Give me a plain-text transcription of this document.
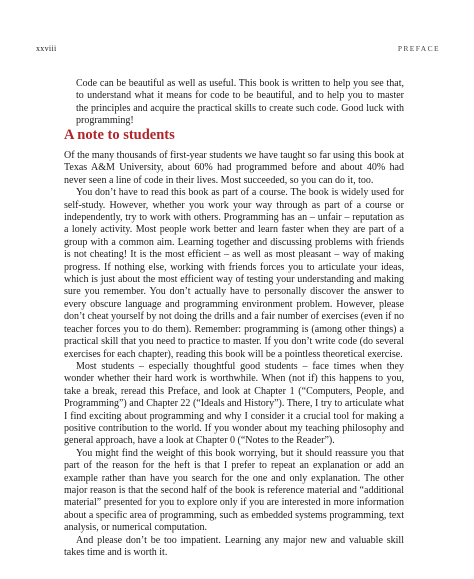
xxviii	PREFACE

Code can be beautiful as well as useful. This book is written to help you see that, to understand what it means for code to be beautiful, and to help you to master the principles and acquire the practical skills to create such code. Good luck with programming!

A note to students

Of the many thousands of first-year students we have taught so far using this book at Texas A&M University, about 60% had programmed before and about 40% had never seen a line of code in their lives. Most succeeded, so you can do it, too.

You don’t have to read this book as part of a course. The book is widely used for self-study. However, whether you work your way through as part of a course or independently, try to work with others. Programming has an – unfair – reputation as a lonely activity. Most people work better and learn faster when they are part of a group with a common aim. Learning together and discussing problems with friends is not cheating! It is the most efficient – as well as most pleasant – way of making progress. If nothing else, working with friends forces you to articulate your ideas, which is just about the most efficient way of testing your understanding and making sure you remember. You don’t actually have to personally discover the answer to every obscure language and programming environment problem. However, please don’t cheat yourself by not doing the drills and a fair number of exercises (even if no teacher forces you to do them). Remember: programming is (among other things) a practical skill that you need to practice to master. If you don’t write code (do several exercises for each chapter), reading this book will be a pointless theoretical exercise.

Most students – especially thoughtful good students – face times when they wonder whether their hard work is worthwhile. When (not if) this happens to you, take a break, reread this Preface, and look at Chapter 1 (“Computers, People, and Programming”) and Chapter 22 (“Ideals and History”). There, I try to articulate what I find exciting about programming and why I consider it a crucial tool for making a positive contribution to the world. If you wonder about my teaching philosophy and general approach, have a look at Chapter 0 (“Notes to the Reader”).

You might find the weight of this book worrying, but it should reassure you that part of the reason for the heft is that I prefer to repeat an explanation or add an example rather than have you search for the one and only explanation. The other major reason is that the second half of the book is reference material and “additional material” presented for you to explore only if you are interested in more information about a specific area of programming, such as embedded systems programming, text analysis, or numerical computation.

And please don’t be too impatient. Learning any major new and valuable skill takes time and is worth it.
